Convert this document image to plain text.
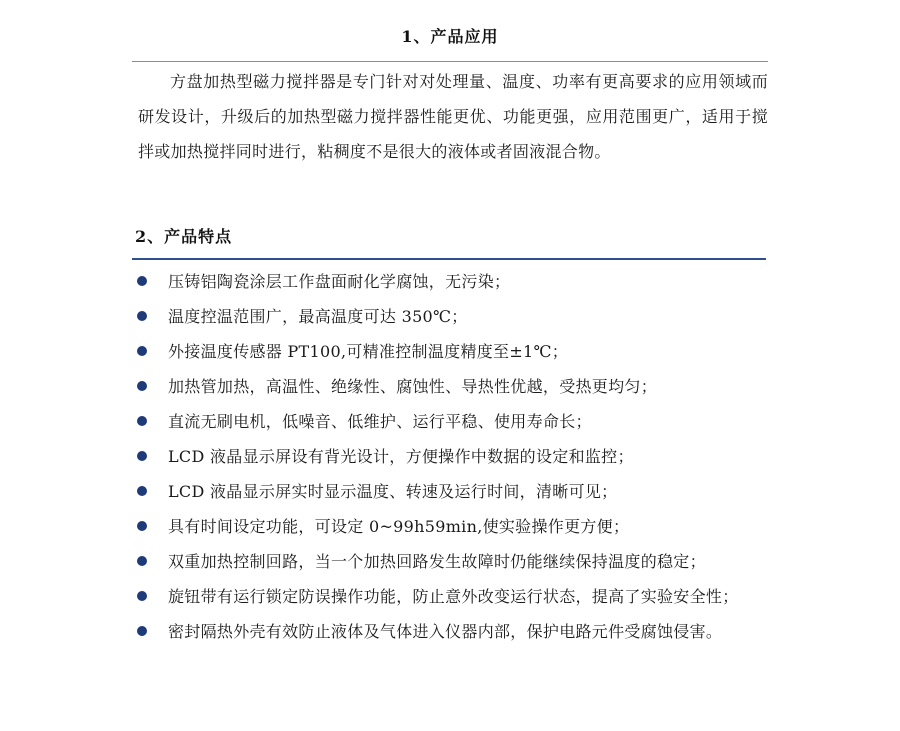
1、产品应用

方盘加热型磁力搅拌器是专门针对对处理量、温度、功率有更高要求的应用领域而研发设计，升级后的加热型磁力搅拌器性能更优、功能更强，应用范围更广，适用于搅拌或加热搅拌同时进行，粘稠度不是很大的液体或者固液混合物。

2、产品特点
压铸铝陶瓷涂层工作盘面耐化学腐蚀，无污染；
温度控温范围广，最高温度可达 350℃；
外接温度传感器 PT100,可精准控制温度精度至±1℃；
加热管加热，高温性、绝缘性、腐蚀性、导热性优越，受热更均匀；
直流无刷电机，低噪音、低维护、运行平稳、使用寿命长；
LCD 液晶显示屏设有背光设计，方便操作中数据的设定和监控；
LCD 液晶显示屏实时显示温度、转速及运行时间，清晰可见；
具有时间设定功能，可设定 0~99h59min,使实验操作更方便；
双重加热控制回路，当一个加热回路发生故障时仍能继续保持温度的稳定；
旋钮带有运行锁定防误操作功能，防止意外改变运行状态，提高了实验安全性；
密封隔热外壳有效防止液体及气体进入仪器内部，保护电路元件受腐蚀侵害。
